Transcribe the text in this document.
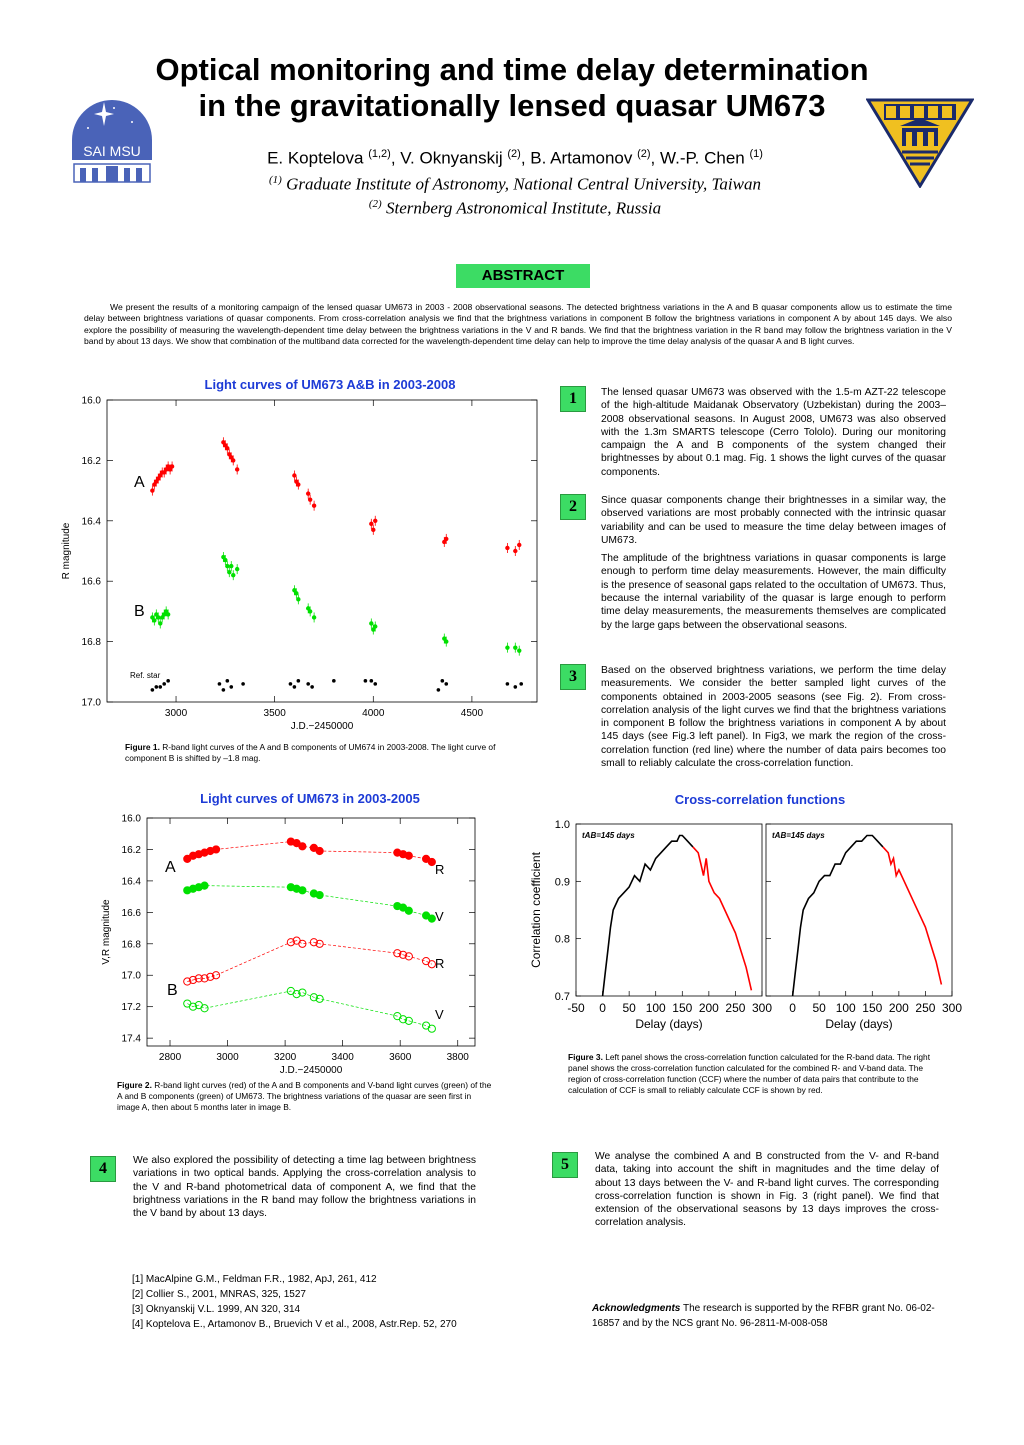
SAI MSU
Optical monitoring and time delay determination
in the gravitationally lensed quasar UM673
E. Koptelova $^{(1,2)}$, V. Oknyanskij $^{(2)}$, B. Artamonov $^{(2)}$, W.-P. Chen $^{(1)}$
$^{(1)}$ Graduate Institute of Astronomy, National Central University, Taiwan
$^{(2)}$ Sternberg Astronomical Institute, Russia
ABSTRACT
We present the results of a monitoring campaign of the lensed quasar UM673 in 2003 - 2008 observational seasons. The detected brightness variations in the A and B quasar components allow us to estimate the time delay between brightness variations of quasar components. From cross-correlation analysis we find that the brightness variations in component B follow the brightness variations in component A by about 145 days. We also explore the possibility of measuring the wavelength-dependent time delay between the brightness variations in the V and R bands. We find that the brightness variation in the R band may follow the brightness variation in the V band by about 13 days. We show that combination of the multiband data corrected for the wavelength-dependent time delay can help to improve the time delay analysis of the quasar A and B light curves.
Light curves of UM673 A&B in 2003-2008
16.0
16.2
16.4
16.6
16.8
17.0
3000	3500	4000	4500
J.D.−2450000
R magnitude
A
B
Ref. star
Figure 1. R-band light curves of the A and B components of UM674 in 2003-2008. The light curve of component B is shifted by –1.8 mag.
Light curves of UM673 in 2003-2005
16.0
16.2
16.4
16.6
16.8
17.0
17.2
17.4
2800	3000	3200	3400	3600	3800
J.D.−2450000
V,R magnitude
A
B
R
V
R
V
Figure 2. R-band light curves (red) of the A and B components and V-band light curves (green) of the A and B components (green) of UM673. The brightness variations of the quasar are seen first in image A, then about 5 months later in image B.
Cross-correlation functions
0.7
0.8
0.9
1.0
-50 0 50 100 150 200 250 300
Delay (days)
Correlation coefficient
tAB=145 days
0 50 100 150 200 250 300
Delay (days)
tAB=145 days
Figure 3. Left panel shows the cross-correlation function calculated for the R-band data. The right panel shows the cross-correlation function calculated for the combined R- and V-band data. The region of cross-correlation function (CCF) where the number of data pairs that contribute to the calculation of CCF is small to reliably calculate CCF is shown by red.
1	The lensed quasar UM673 was observed with the 1.5-m AZT-22 telescope of the high-altitude Maidanak Observatory (Uzbekistan) during the 2003–2008 observational seasons. In August 2008, UM673 was also observed with the 1.3m SMARTS telescope (Cerro Tololo). During our monitoring campaign the A and B components of the system changed their brightnesses by about 0.1 mag. Fig. 1 shows the light curves of the quasar components.
2	Since quasar components change their brightnesses in a similar way, the observed variations are most probably connected with the intrinsic quasar variability and can be used to measure the time delay between images of UM673.
The amplitude of the brightness variations in quasar components is large enough to perform time delay measurements. However, the main difficulty is the presence of seasonal gaps related to the occultation of UM673. Thus, because the internal variability of the quasar is large enough to perform time delay measurements, the measurements themselves are complicated by the large gaps between the observational seasons.
3	Based on the observed brightness variations, we perform the time delay measurements. We consider the better sampled light curves of the components obtained in 2003-2005 seasons (see Fig. 2). From cross-correlation analysis of the light curves we find that the brightness variations in component B follow the brightness variations in component A by about 145 days (see Fig.3 left panel). In Fig3, we mark the region of the cross-correlation function (red line) where the number of data pairs becomes too small to reliably calculate the cross-correlation function.
4	We also explored the possibility of detecting a time lag between brightness variations in two optical bands. Applying the cross-correlation analysis to the V and R-band photometrical data of component A, we find that the brightness variations in the R band may follow the brightness variations in the V band by about 13 days.
5	We analyse the combined A and B constructed from the V- and R-band data, taking into account the shift in magnitudes and the time delay of about 13 days between the V- and R-band light curves. The corresponding cross-correlation function is shown in Fig. 3 (right panel). We find that extension of the observational seasons by 13 days improves the cross-correlation analysis.
[1] MacAlpine G.M., Feldman F.R., 1982, ApJ, 261, 412
[2] Collier S., 2001, MNRAS, 325, 1527
[3] Oknyanskij V.L. 1999, AN 320, 314
[4] Koptelova E., Artamonov B., Bruevich V et al., 2008, Astr.Rep. 52, 270
Acknowledgments The research is supported by the RFBR grant No. 06-02-16857 and by the NCS grant No. 96-2811-M-008-058
